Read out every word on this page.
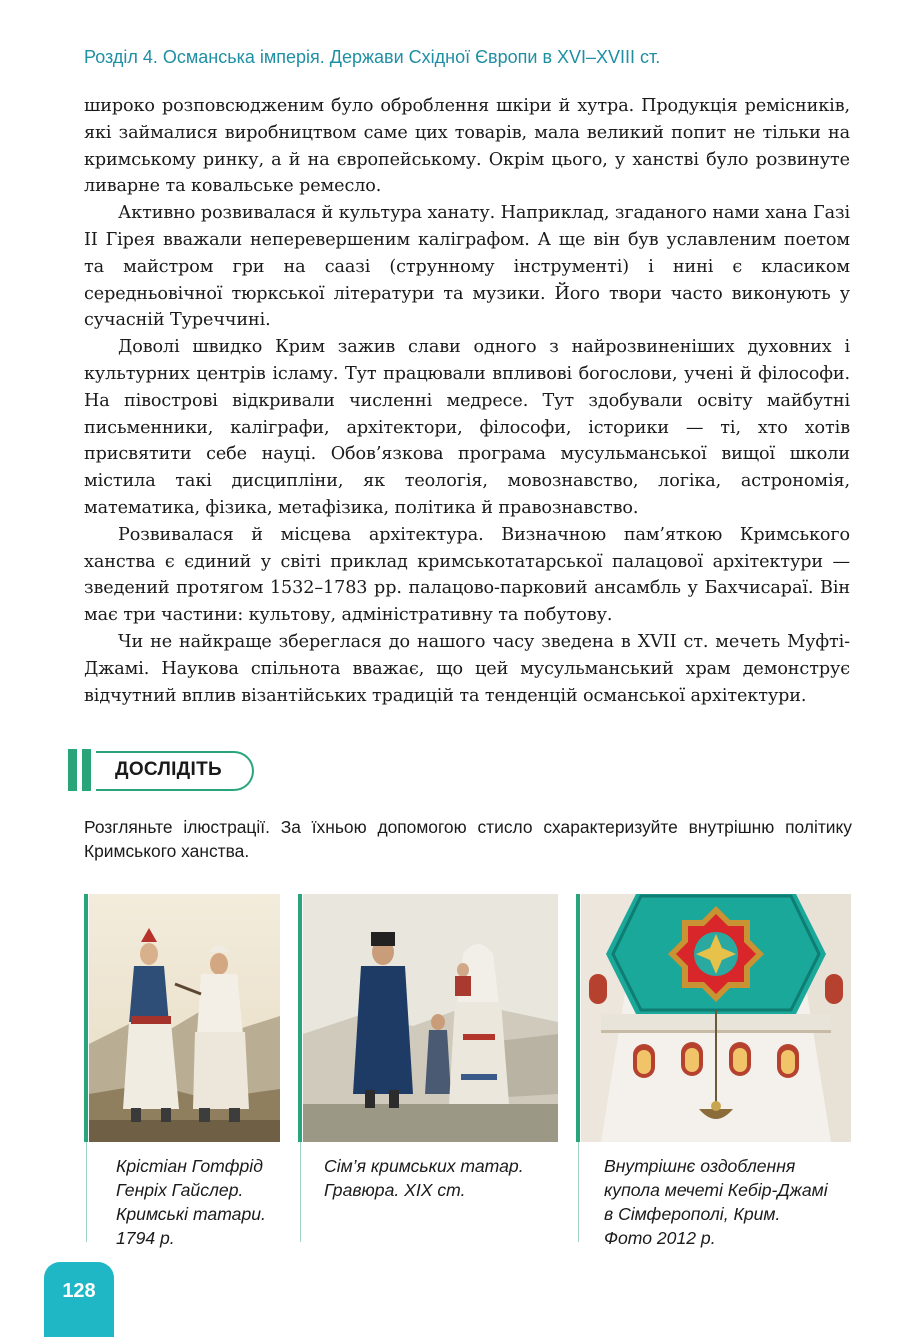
Розділ 4. Османська імперія. Держави Східної Європи в XVI–XVIII ст.

широко розповсюдженим було оброблення шкіри й хутра. Продукція ремісників, які займалися виробництвом саме цих товарів, мала великий попит не тільки на кримському ринку, а й на європейському. Окрім цього, у ханстві було розвинуте ливарне та ковальське ремесло.

Активно розвивалася й культура ханату. Наприклад, згаданого нами хана Газі II Гірея вважали неперевершеним каліграфом. А ще він був уславленим поетом та майстром гри на саазі (струнному інструменті) і нині є класиком середньовічної тюркської літератури та музики. Його твори часто виконують у сучасній Туреччині.

Доволі швидко Крим зажив слави одного з найрозвиненіших духовних і культурних центрів ісламу. Тут працювали впливові богослови, учені й філософи. На півострові відкривали численні медресе. Тут здобували освіту майбутні письменники, каліграфи, архітектори, філософи, історики — ті, хто хотів присвятити себе науці. Обов’язкова програма мусульманської вищої школи містила такі дисципліни, як теологія, мовознавство, логіка, астрономія, математика, фізика, метафізика, політика й правознавство.

Розвивалася й місцева архітектура. Визначною пам’яткою Кримського ханства є єдиний у світі приклад кримськотатарської палацової архітектури — зведений протягом 1532–1783 рр. палацово-парковий ансамбль у Бахчисараї. Він має три частини: культову, адміністративну та побутову.

Чи не найкраще збереглася до нашого часу зведена в XVII ст. мечеть Муфті-Джамі. Наукова спільнота вважає, що цей мусульманський храм демонструє відчутний вплив візантійських традицій та тенденцій османської архітектури.

ДОСЛІДІТЬ
Розгляньте ілюстрації. За їхньою допомогою стисло схарактеризуйте внутрішню політику Кримського ханства.
Крістіан Готфрід
Генріх Гайслер.
Кримські татари.
1794 р.
Сім’я кримських татар.
Гравюра. XIX ст.
Внутрішнє оздоблення
купола мечеті Кебір-Джамі
в Сімферополі, Крим.
Фото 2012 р.
128
